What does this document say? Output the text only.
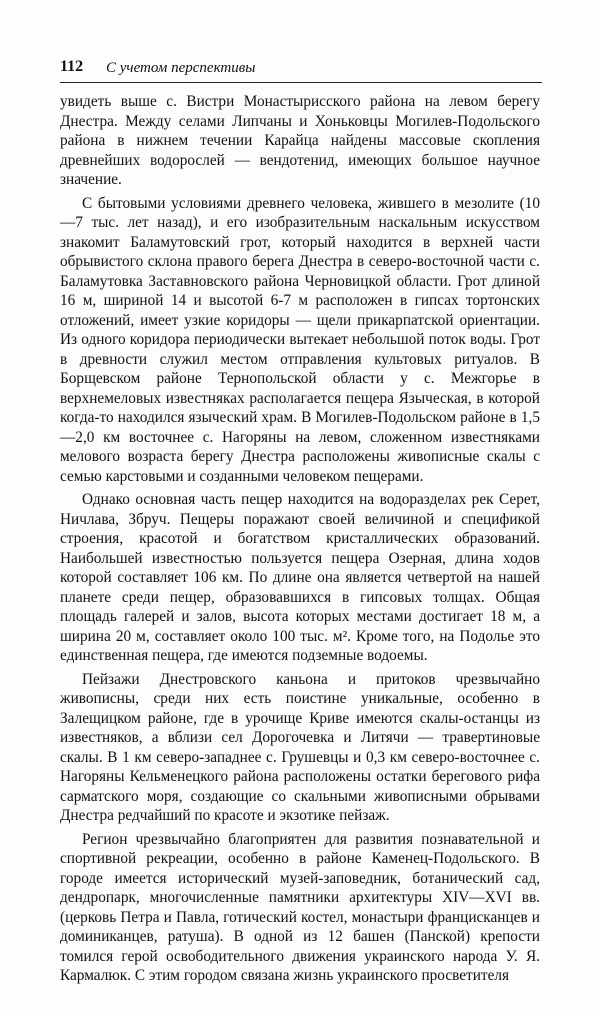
112 С учетом перспективы

увидеть выше с. Вистри Монастырисского района на левом берегу Днестра. Между селами Липчаны и Хоньковцы Могилев-Подольского района в нижнем течении Карайца найдены массовые скопления древнейших водорослей — вендотенид, имеющих большое научное значение.

С бытовыми условиями древнего человека, жившего в мезолите (10—7 тыс. лет назад), и его изобразительным наскальным искусством знакомит Баламутовский грот, который находится в верхней части обрывистого склона правого берега Днестра в северо-восточной части с. Баламутовка Заставновского района Черновицкой области. Грот длиной 16 м, шириной 14 и высотой 6-7 м расположен в гипсах тортонских отложений, имеет узкие коридоры — щели прикарпатской ориентации. Из одного коридора периодически вытекает небольшой поток воды. Грот в древности служил местом отправления культовых ритуалов. В Борщевском районе Тернопольской области у с. Межгорье в верхнемеловых известняках располагается пещера Языческая, в которой когда-то находился языческий храм. В Могилев-Подольском районе в 1,5—2,0 км восточнее с. Нагоряны на левом, сложенном известняками мелового возраста берегу Днестра расположены живописные скалы с семью карстовыми и созданными человеком пещерами.

Однако основная часть пещер находится на водоразделах рек Серет, Ничлава, Збруч. Пещеры поражают своей величиной и спецификой строения, красотой и богатством кристаллических образований. Наибольшей известностью пользуется пещера Озерная, длина ходов которой составляет 106 км. По длине она является четвертой на нашей планете среди пещер, образовавшихся в гипсовых толщах. Общая площадь галерей и залов, высота которых местами достигает 18 м, а ширина 20 м, составляет около 100 тыс. м². Кроме того, на Подолье это единственная пещера, где имеются подземные водоемы.

Пейзажи Днестровского каньона и притоков чрезвычайно живописны, среди них есть поистине уникальные, особенно в Залещицком районе, где в урочище Криве имеются скалы-останцы из известняков, а вблизи сел Дорогочевка и Литячи — травертиновые скалы. В 1 км северо-западнее с. Грушевцы и 0,3 км северо-восточнее с. Нагоряны Кельменецкого района расположены остатки берегового рифа сарматского моря, создающие со скальными живописными обрывами Днестра редчайший по красоте и экзотике пейзаж.

Регион чрезвычайно благоприятен для развития познавательной и спортивной рекреации, особенно в районе Каменец-Подольского. В городе имеется исторический музей-заповедник, ботанический сад, дендропарк, многочисленные памятники архитектуры XIV—XVI вв. (церковь Петра и Павла, готический костел, монастыри францисканцев и доминиканцев, ратуша). В одной из 12 башен (Панской) крепости томился герой освободительного движения украинского народа У. Я. Кармалюк. С этим городом связана жизнь украинского просветителя
